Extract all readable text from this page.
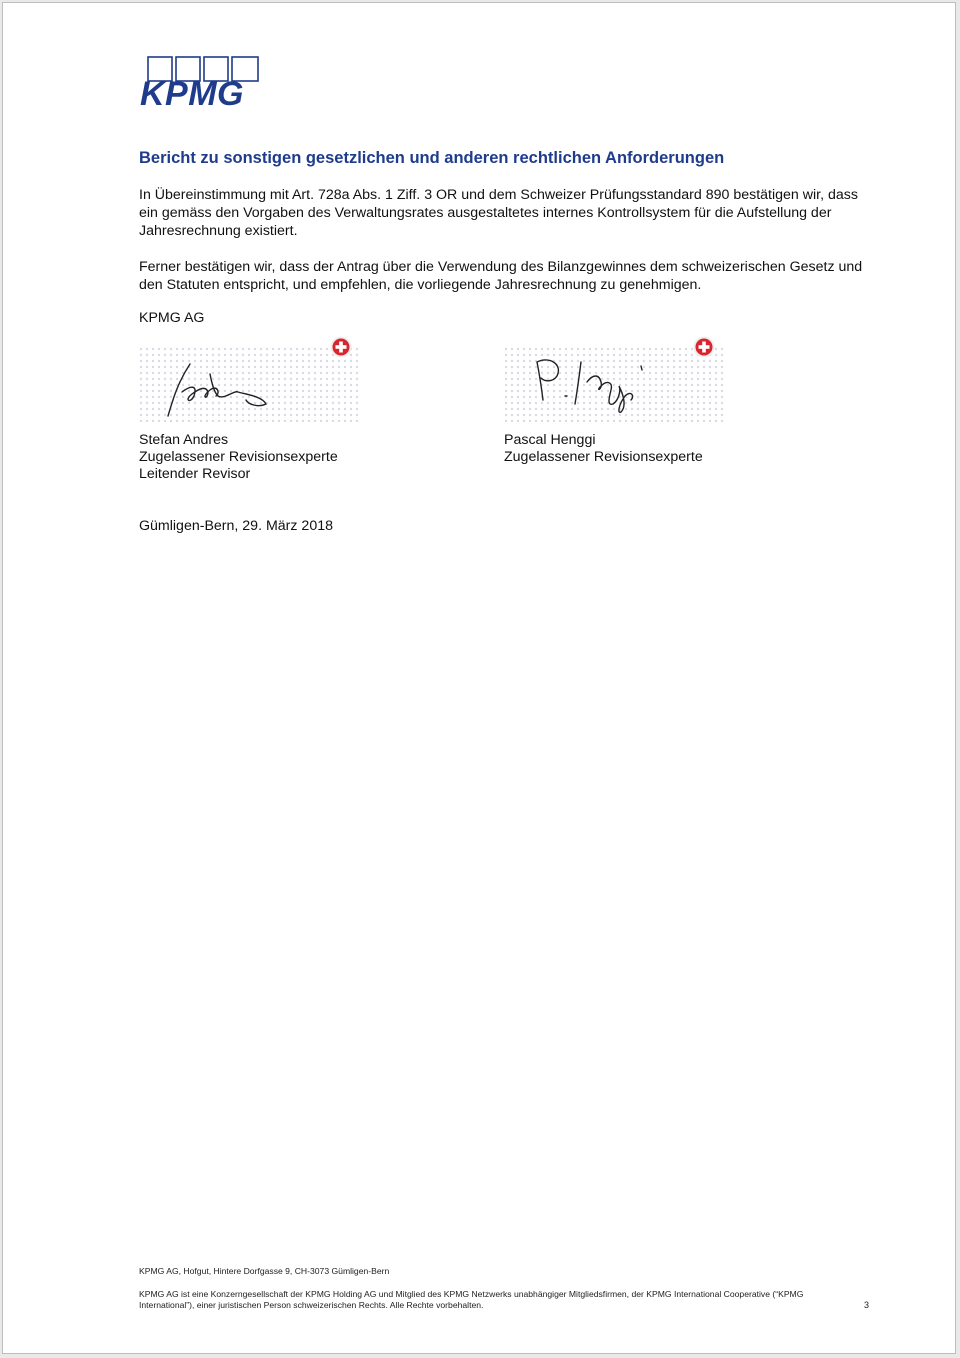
KPMG
Bericht zu sonstigen gesetzlichen und anderen rechtlichen Anforderungen

In Übereinstimmung mit Art. 728a Abs. 1 Ziff. 3 OR und dem Schweizer Prüfungsstandard 890 bestätigen wir, dass ein gemäss den Vorgaben des Verwaltungsrates ausgestaltetes internes Kontrollsystem für die Aufstellung der Jahresrechnung existiert.

Ferner bestätigen wir, dass der Antrag über die Verwendung des Bilanzgewinnes dem schweizerischen Gesetz und den Statuten entspricht, und empfehlen, die vorliegende Jahresrechnung zu genehmigen.

KPMG AG
Stefan Andres
Zugelassener Revisionsexperte
Leitender Revisor
Pascal Henggi
Zugelassener Revisionsexperte
Gümligen-Bern, 29. März 2018
KPMG AG, Hofgut, Hintere Dorfgasse 9, CH-3073 Gümligen-Bern
KPMG AG ist eine Konzerngesellschaft der KPMG Holding AG und Mitglied des KPMG Netzwerks unabhängiger Mitgliedsfirmen, der KPMG International Cooperative (“KPMG International”), einer juristischen Person schweizerischen Rechts. Alle Rechte vorbehalten.	3
